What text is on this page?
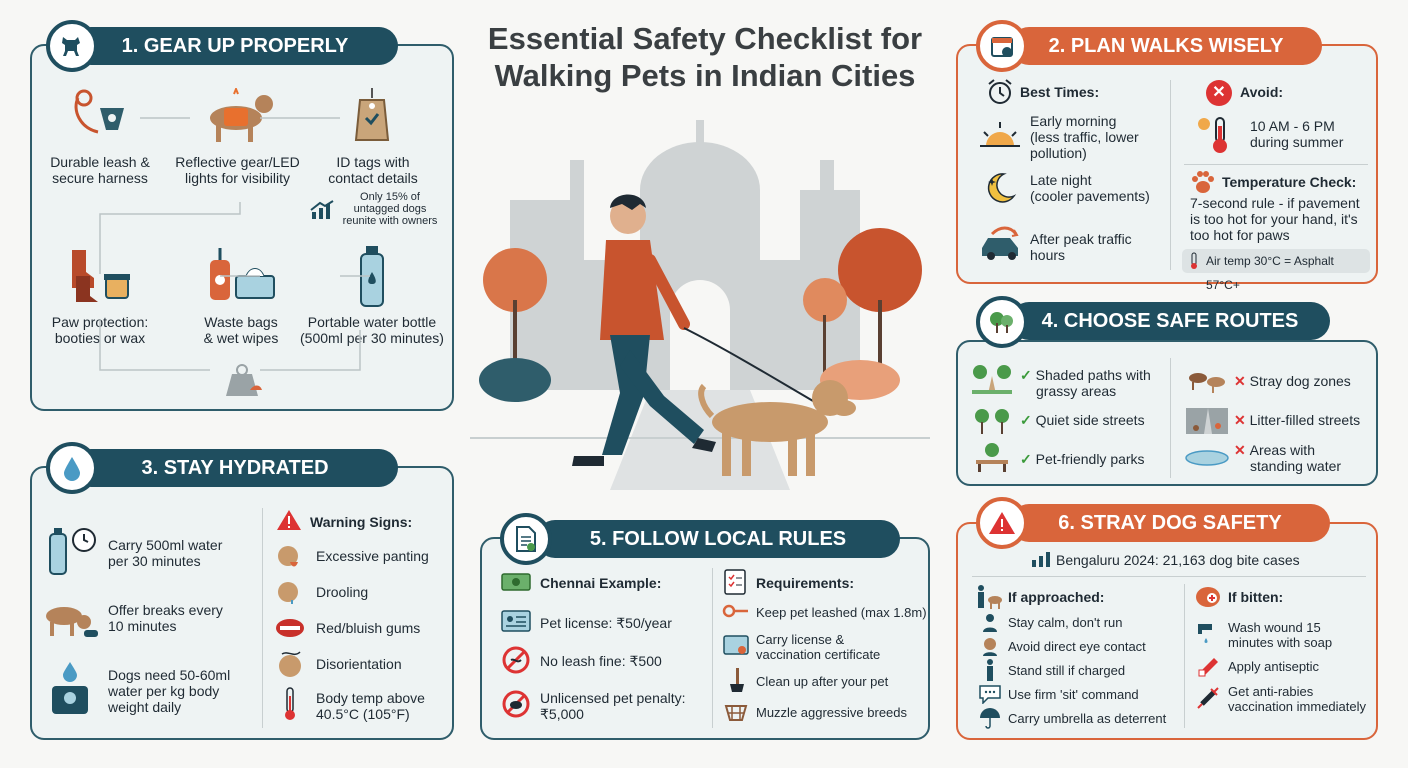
Essential Safety Checklist for
Walking Pets in Indian Cities
1. GEAR UP PROPERLY
Durable leash &
secure harness
Reflective gear/LED
lights for visibility
ID tags with
contact details
Only 15% of
untagged dogs
reunite with owners
Paw protection:
booties or wax
Waste bags
& wet wipes
Portable water bottle
(500ml per 30 minutes)
2. PLAN WALKS WISELY
Best Times:
Early morning
(less traffic, lower
pollution)
Late night
(cooler pavements)
After peak traffic
hours
✕	Avoid:
10 AM - 6 PM
during summer
Temperature Check:
7-second rule - if pavement
is too hot for your hand, it's
too hot for paws
Air temp 30°C = Asphalt 57°C+
3. STAY HYDRATED
Carry 500ml water
per 30 minutes
Offer breaks every
10 minutes
Dogs need 50-60ml
water per kg body
weight daily
Warning Signs:
Excessive panting
Drooling
Red/bluish gums
Disorientation
Body temp above
40.5°C (105°F)
4. CHOOSE SAFE ROUTES
✓ Shaded paths with
grassy areas
✓ Quiet side streets
✓ Pet-friendly parks
✕ Stray dog zones
✕ Litter-filled streets
✕ Areas with
standing water
5. FOLLOW LOCAL RULES
Chennai Example:
Pet license: ₹50/year
No leash fine: ₹500
Unlicensed pet penalty:
₹5,000
Requirements:
Keep pet leashed (max 1.8m)
Carry license &
vaccination certificate
Clean up after your pet
Muzzle aggressive breeds
6. STRAY DOG SAFETY
Bengaluru 2024: 21,163 dog bite cases
If approached:
Stay calm, don't run
Avoid direct eye contact
Stand still if charged
Use firm 'sit' command
Carry umbrella as deterrent
If bitten:
Wash wound 15
minutes with soap
Apply antiseptic
Get anti-rabies
vaccination immediately
